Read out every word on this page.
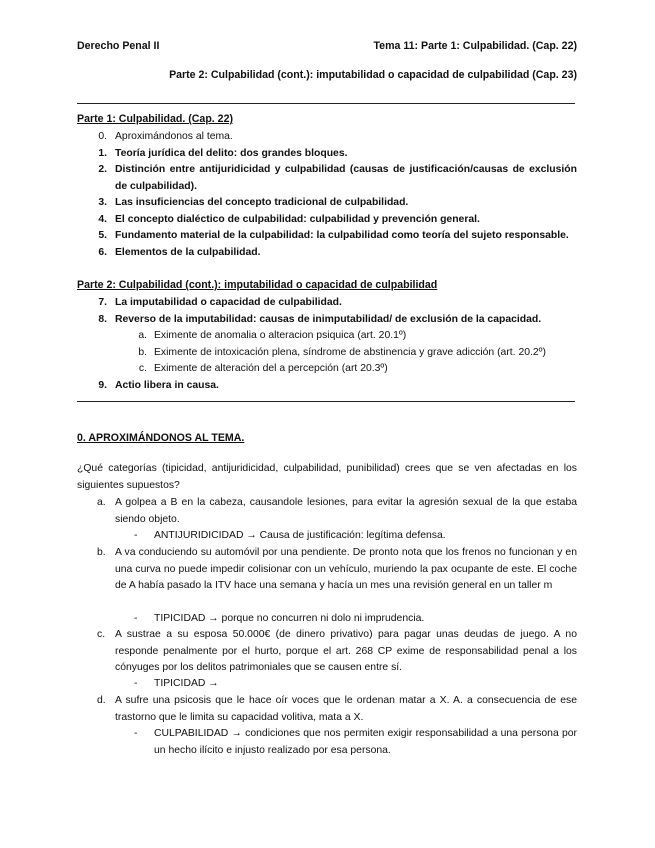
Derecho Penal II	Tema 11: Parte 1: Culpabilidad. (Cap. 22)
Parte 2: Culpabilidad (cont.): imputabilidad o capacidad de culpabilidad (Cap. 23)
Parte 1: Culpabilidad. (Cap. 22)
0. Aproximándonos al tema.
1. Teoría jurídica del delito: dos grandes bloques.
2. Distinción entre antijuridicidad y culpabilidad (causas de justificación/causas de exclusión de culpabilidad).
3. Las insuficiencias del concepto tradicional de culpabilidad.
4. El concepto dialéctico de culpabilidad: culpabilidad y prevención general.
5. Fundamento material de la culpabilidad: la culpabilidad como teoría del sujeto responsable.
6. Elementos de la culpabilidad.
Parte 2: Culpabilidad (cont.): imputabilidad o capacidad de culpabilidad
7. La imputabilidad o capacidad de culpabilidad.
8. Reverso de la imputabilidad: causas de inimputabilidad/ de exclusión de la capacidad.
a. Eximente de anomalia o alteracion psiquica (art. 20.1º)
b. Eximente de intoxicación plena, síndrome de abstinencia y grave adicción (art. 20.2º)
c. Eximente de alteración del a percepción (art 20.3º)
9. Actio libera in causa.
0. APROXIMÁNDONOS AL TEMA.
¿Qué categorías (tipicidad, antijuridicidad, culpabilidad, punibilidad) crees que se ven afectadas en los siguientes supuestos?
a. A golpea a B en la cabeza, causandole lesiones, para evitar la agresión sexual de la que estaba siendo objeto.
- ANTIJURIDICIDAD → Causa de justificación: legítima defensa.
b. A va conduciendo su automóvil por una pendiente. De pronto nota que los frenos no funcionan y en una curva no puede impedir colisionar con un vehículo, muriendo la pax ocupante de este. El coche de A había pasado la ITV hace una semana y hacía un mes una revisión general en un taller m
- TIPICIDAD → porque no concurren ni dolo ni imprudencia.
c. A sustrae a su esposa 50.000€ (de dinero privativo) para pagar unas deudas de juego. A no responde penalmente por el hurto, porque el art. 268 CP exime de responsabilidad penal a los cónyuges por los delitos patrimoniales que se causen entre sí.
- TIPICIDAD →
d. A sufre una psicosis que le hace oír voces que le ordenan matar a X. A. a consecuencia de ese trastorno que le limita su capacidad volitiva, mata a X.
- CULPABILIDAD → condiciones que nos permiten exigir responsabilidad a una persona por un hecho ilícito e injusto realizado por esa persona.
